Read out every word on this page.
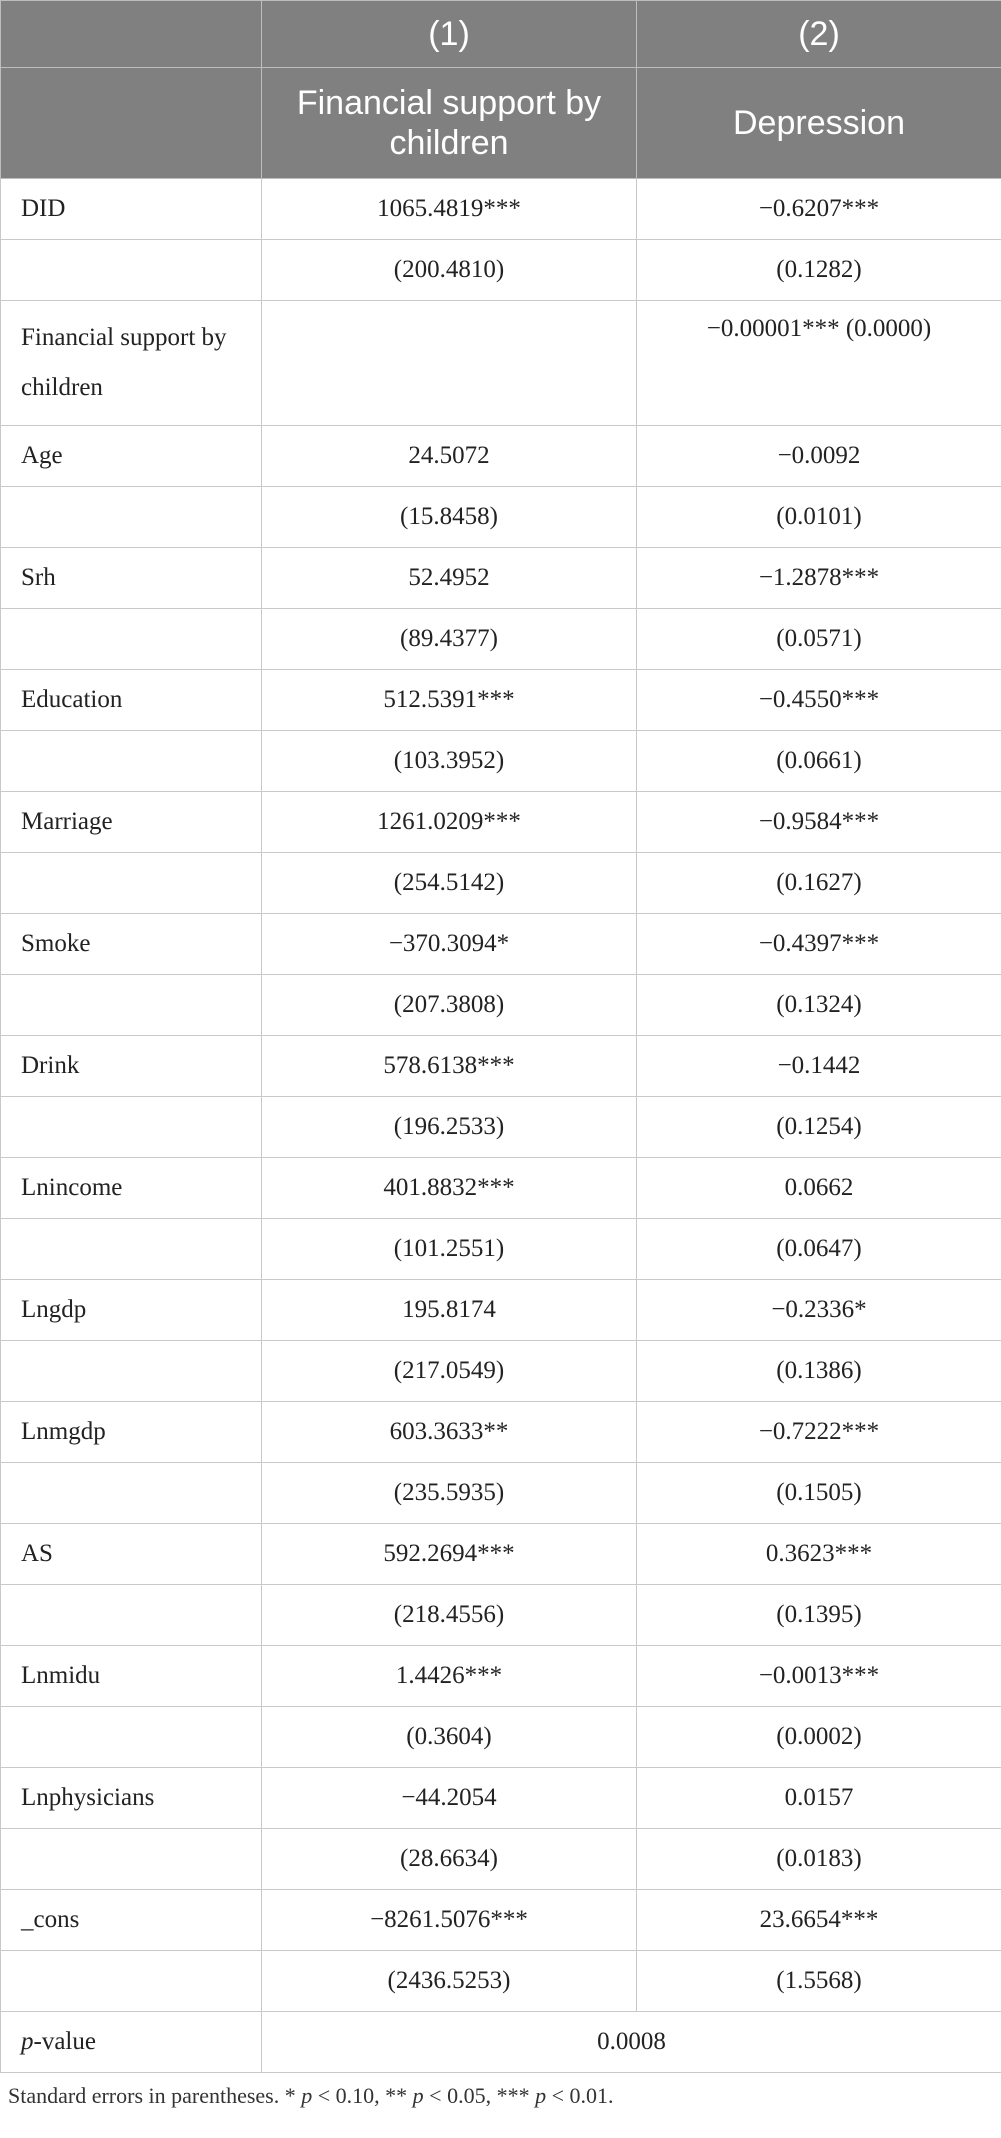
	(1)	(2)
	Financial support by children	Depression
DID	1065.4819***	−0.6207***
	(200.4810)	(0.1282)
Financial support by children		−0.00001*** (0.0000)
Age	24.5072	−0.0092
	(15.8458)	(0.0101)
Srh	52.4952	−1.2878***
	(89.4377)	(0.0571)
Education	512.5391***	−0.4550***
	(103.3952)	(0.0661)
Marriage	1261.0209***	−0.9584***
	(254.5142)	(0.1627)
Smoke	−370.3094*	−0.4397***
	(207.3808)	(0.1324)
Drink	578.6138***	−0.1442
	(196.2533)	(0.1254)
Lnincome	401.8832***	0.0662
	(101.2551)	(0.0647)
Lngdp	195.8174	−0.2336*
	(217.0549)	(0.1386)
Lnmgdp	603.3633**	−0.7222***
	(235.5935)	(0.1505)
AS	592.2694***	0.3623***
	(218.4556)	(0.1395)
Lnmidu	1.4426***	−0.0013***
	(0.3604)	(0.0002)
Lnphysicians	−44.2054	0.0157
	(28.6634)	(0.0183)
_cons	−8261.5076***	23.6654***
	(2436.5253)	(1.5568)
p-value	0.0008	
Standard errors in parentheses. * p < 0.10, ** p < 0.05, *** p < 0.01.
